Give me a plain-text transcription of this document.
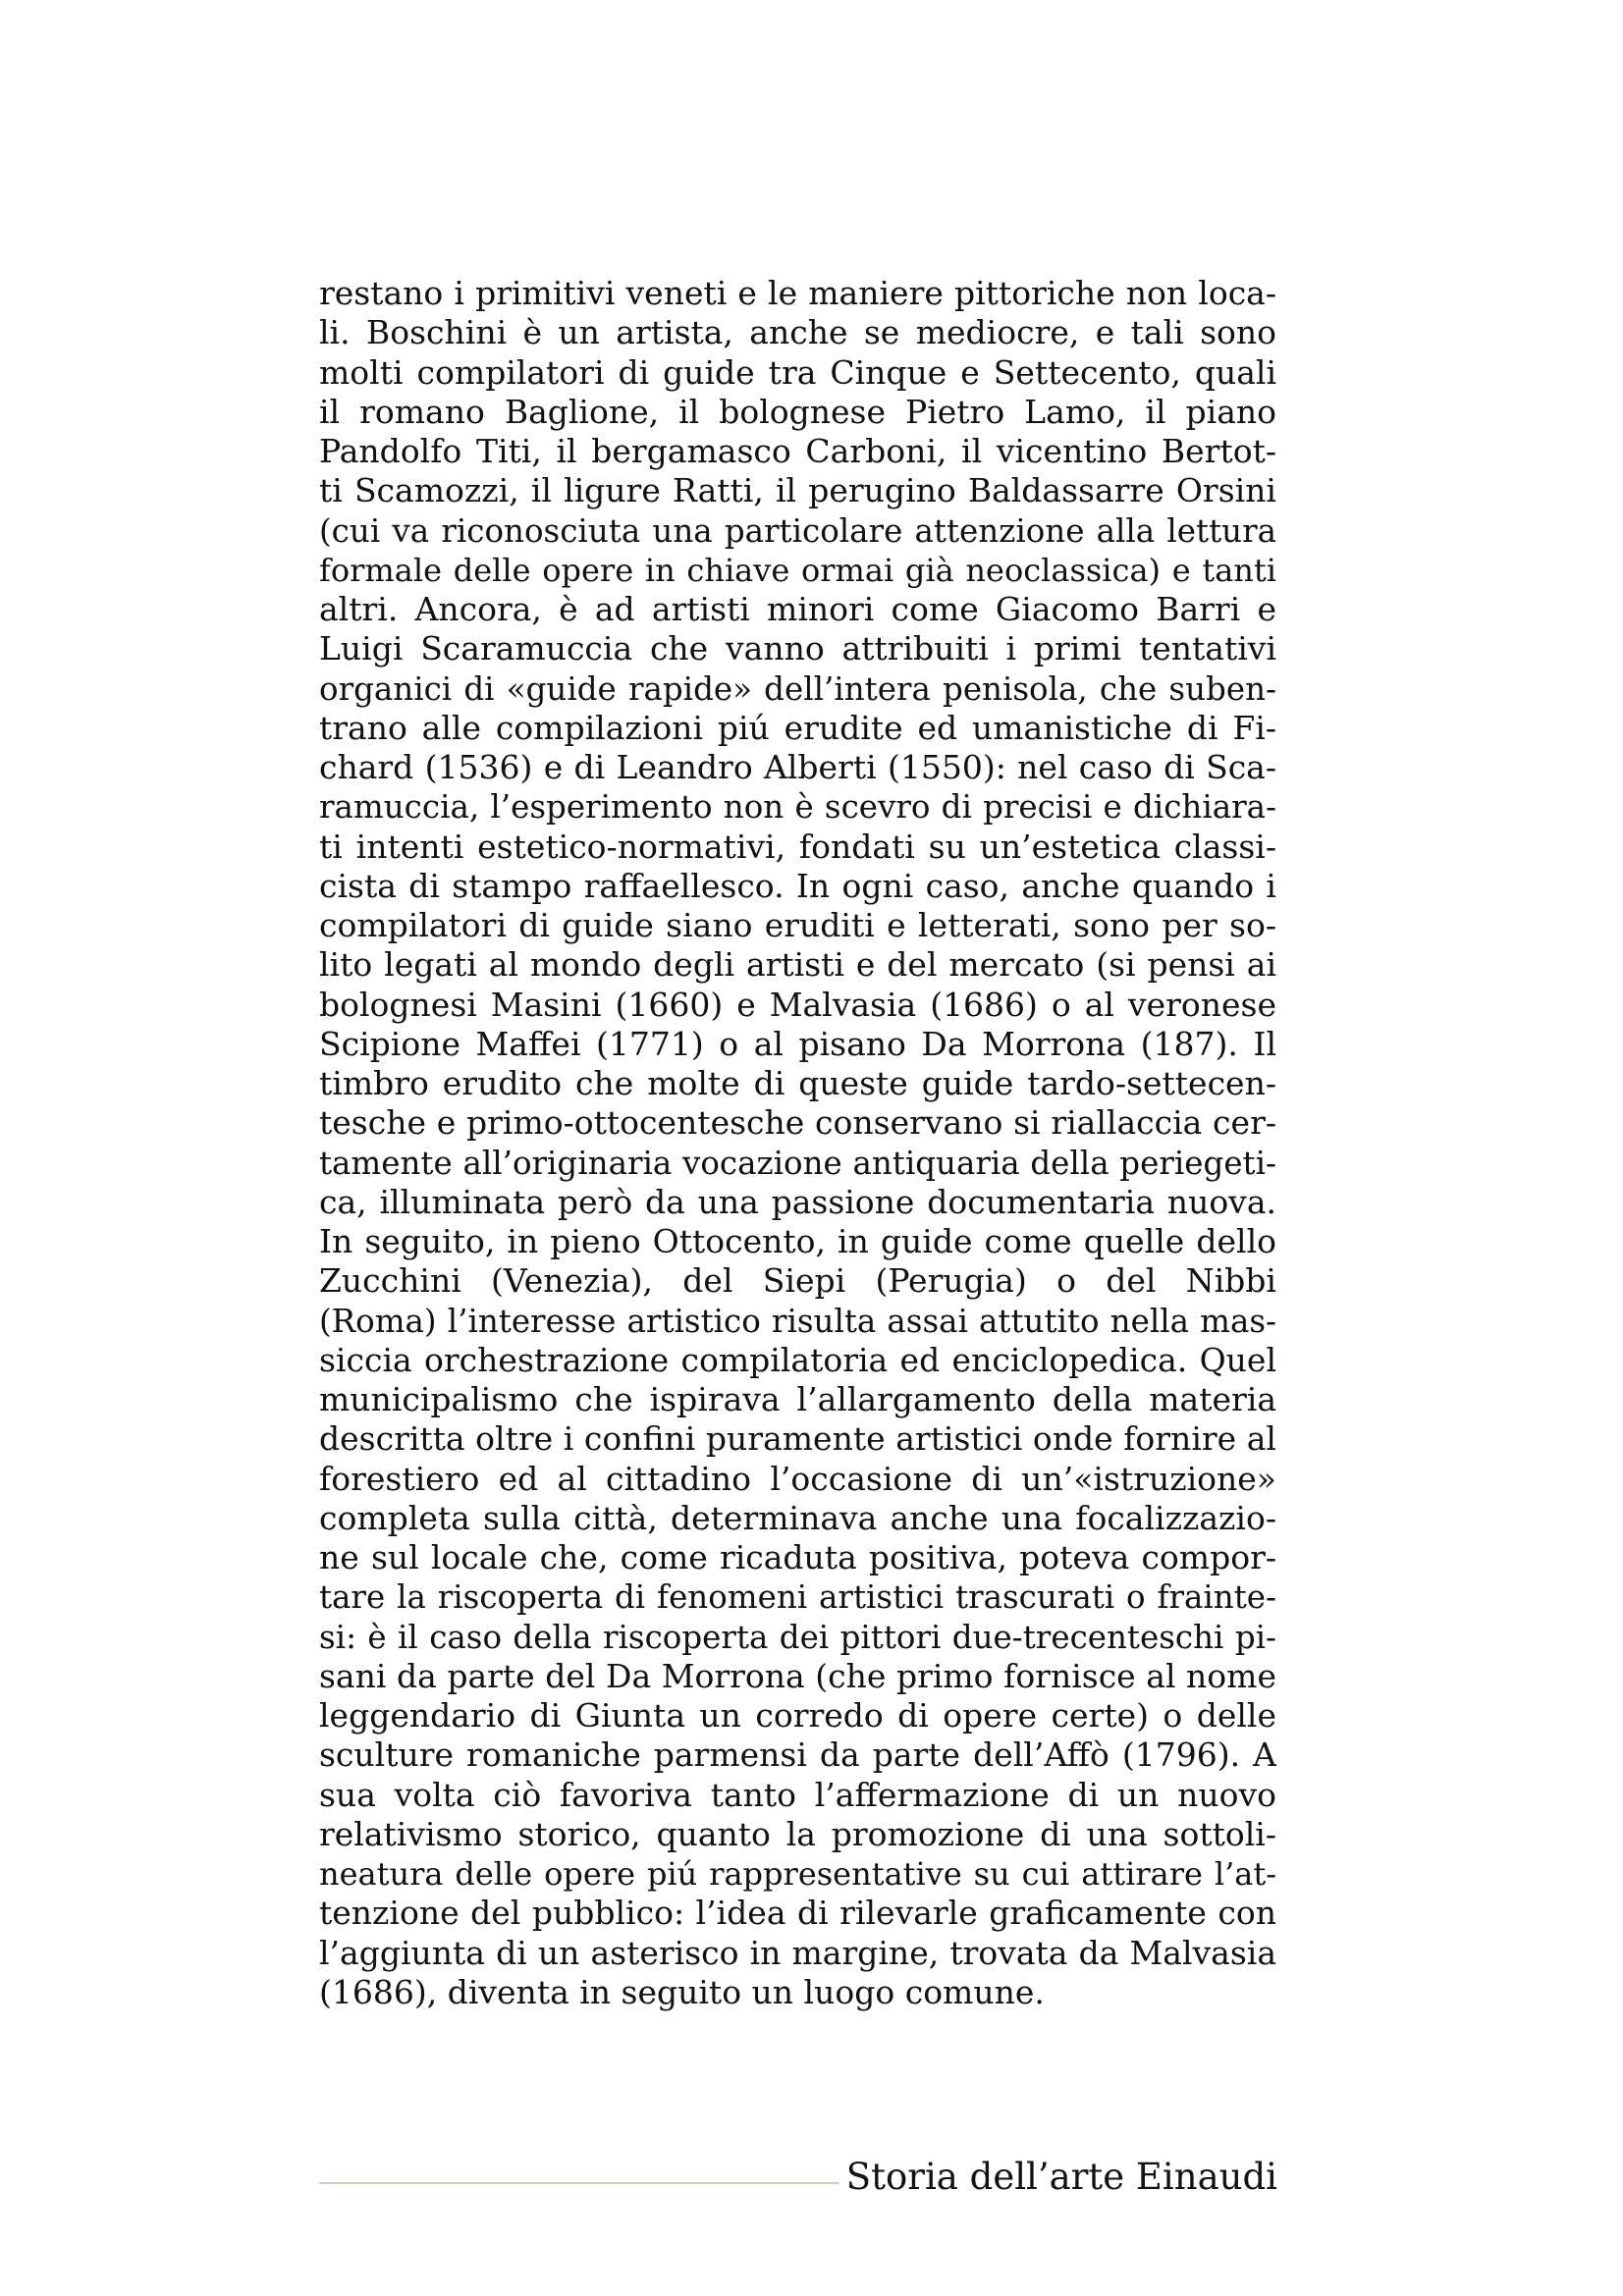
restano i primitivi veneti e le maniere pittoriche non loca-
li. Boschini è un artista, anche se mediocre, e tali sono
molti compilatori di guide tra Cinque e Settecento, quali
il romano Baglione, il bolognese Pietro Lamo, il piano
Pandolfo Titi, il bergamasco Carboni, il vicentino Bertot-
ti Scamozzi, il ligure Ratti, il perugino Baldassarre Orsini
(cui va riconosciuta una particolare attenzione alla lettura
formale delle opere in chiave ormai già neoclassica) e tanti
altri. Ancora, è ad artisti minori come Giacomo Barri e
Luigi Scaramuccia che vanno attribuiti i primi tentativi
organici di «guide rapide» dell’intera penisola, che suben-
trano alle compilazioni piú erudite ed umanistiche di Fi-
chard (1536) e di Leandro Alberti (1550): nel caso di Sca-
ramuccia, l’esperimento non è scevro di precisi e dichiara-
ti intenti estetico-normativi, fondati su un’estetica classi-
cista di stampo raffaellesco. In ogni caso, anche quando i
compilatori di guide siano eruditi e letterati, sono per so-
lito legati al mondo degli artisti e del mercato (si pensi ai
bolognesi Masini (1660) e Malvasia (1686) o al veronese
Scipione Maffei (1771) o al pisano Da Morrona (187). Il
timbro erudito che molte di queste guide tardo-settecen-
tesche e primo-ottocentesche conservano si riallaccia cer-
tamente all’originaria vocazione antiquaria della periegeti-
ca, illuminata però da una passione documentaria nuova.
In seguito, in pieno Ottocento, in guide come quelle dello
Zucchini (Venezia), del Siepi (Perugia) o del Nibbi
(Roma) l’interesse artistico risulta assai attutito nella mas-
siccia orchestrazione compilatoria ed enciclopedica. Quel
municipalismo che ispirava l’allargamento della materia
descritta oltre i confini puramente artistici onde fornire al
forestiero ed al cittadino l’occasione di un’«istruzione»
completa sulla città, determinava anche una focalizzazio-
ne sul locale che, come ricaduta positiva, poteva compor-
tare la riscoperta di fenomeni artistici trascurati o frainte-
si: è il caso della riscoperta dei pittori due-trecenteschi pi-
sani da parte del Da Morrona (che primo fornisce al nome
leggendario di Giunta un corredo di opere certe) o delle
sculture romaniche parmensi da parte dell’Affò (1796). A
sua volta ciò favoriva tanto l’affermazione di un nuovo
relativismo storico, quanto la promozione di una sottoli-
neatura delle opere piú rappresentative su cui attirare l’at-
tenzione del pubblico: l’idea di rilevarle graficamente con
l’aggiunta di un asterisco in margine, trovata da Malvasia
(1686), diventa in seguito un luogo comune.
Storia dell’arte Einaudi
